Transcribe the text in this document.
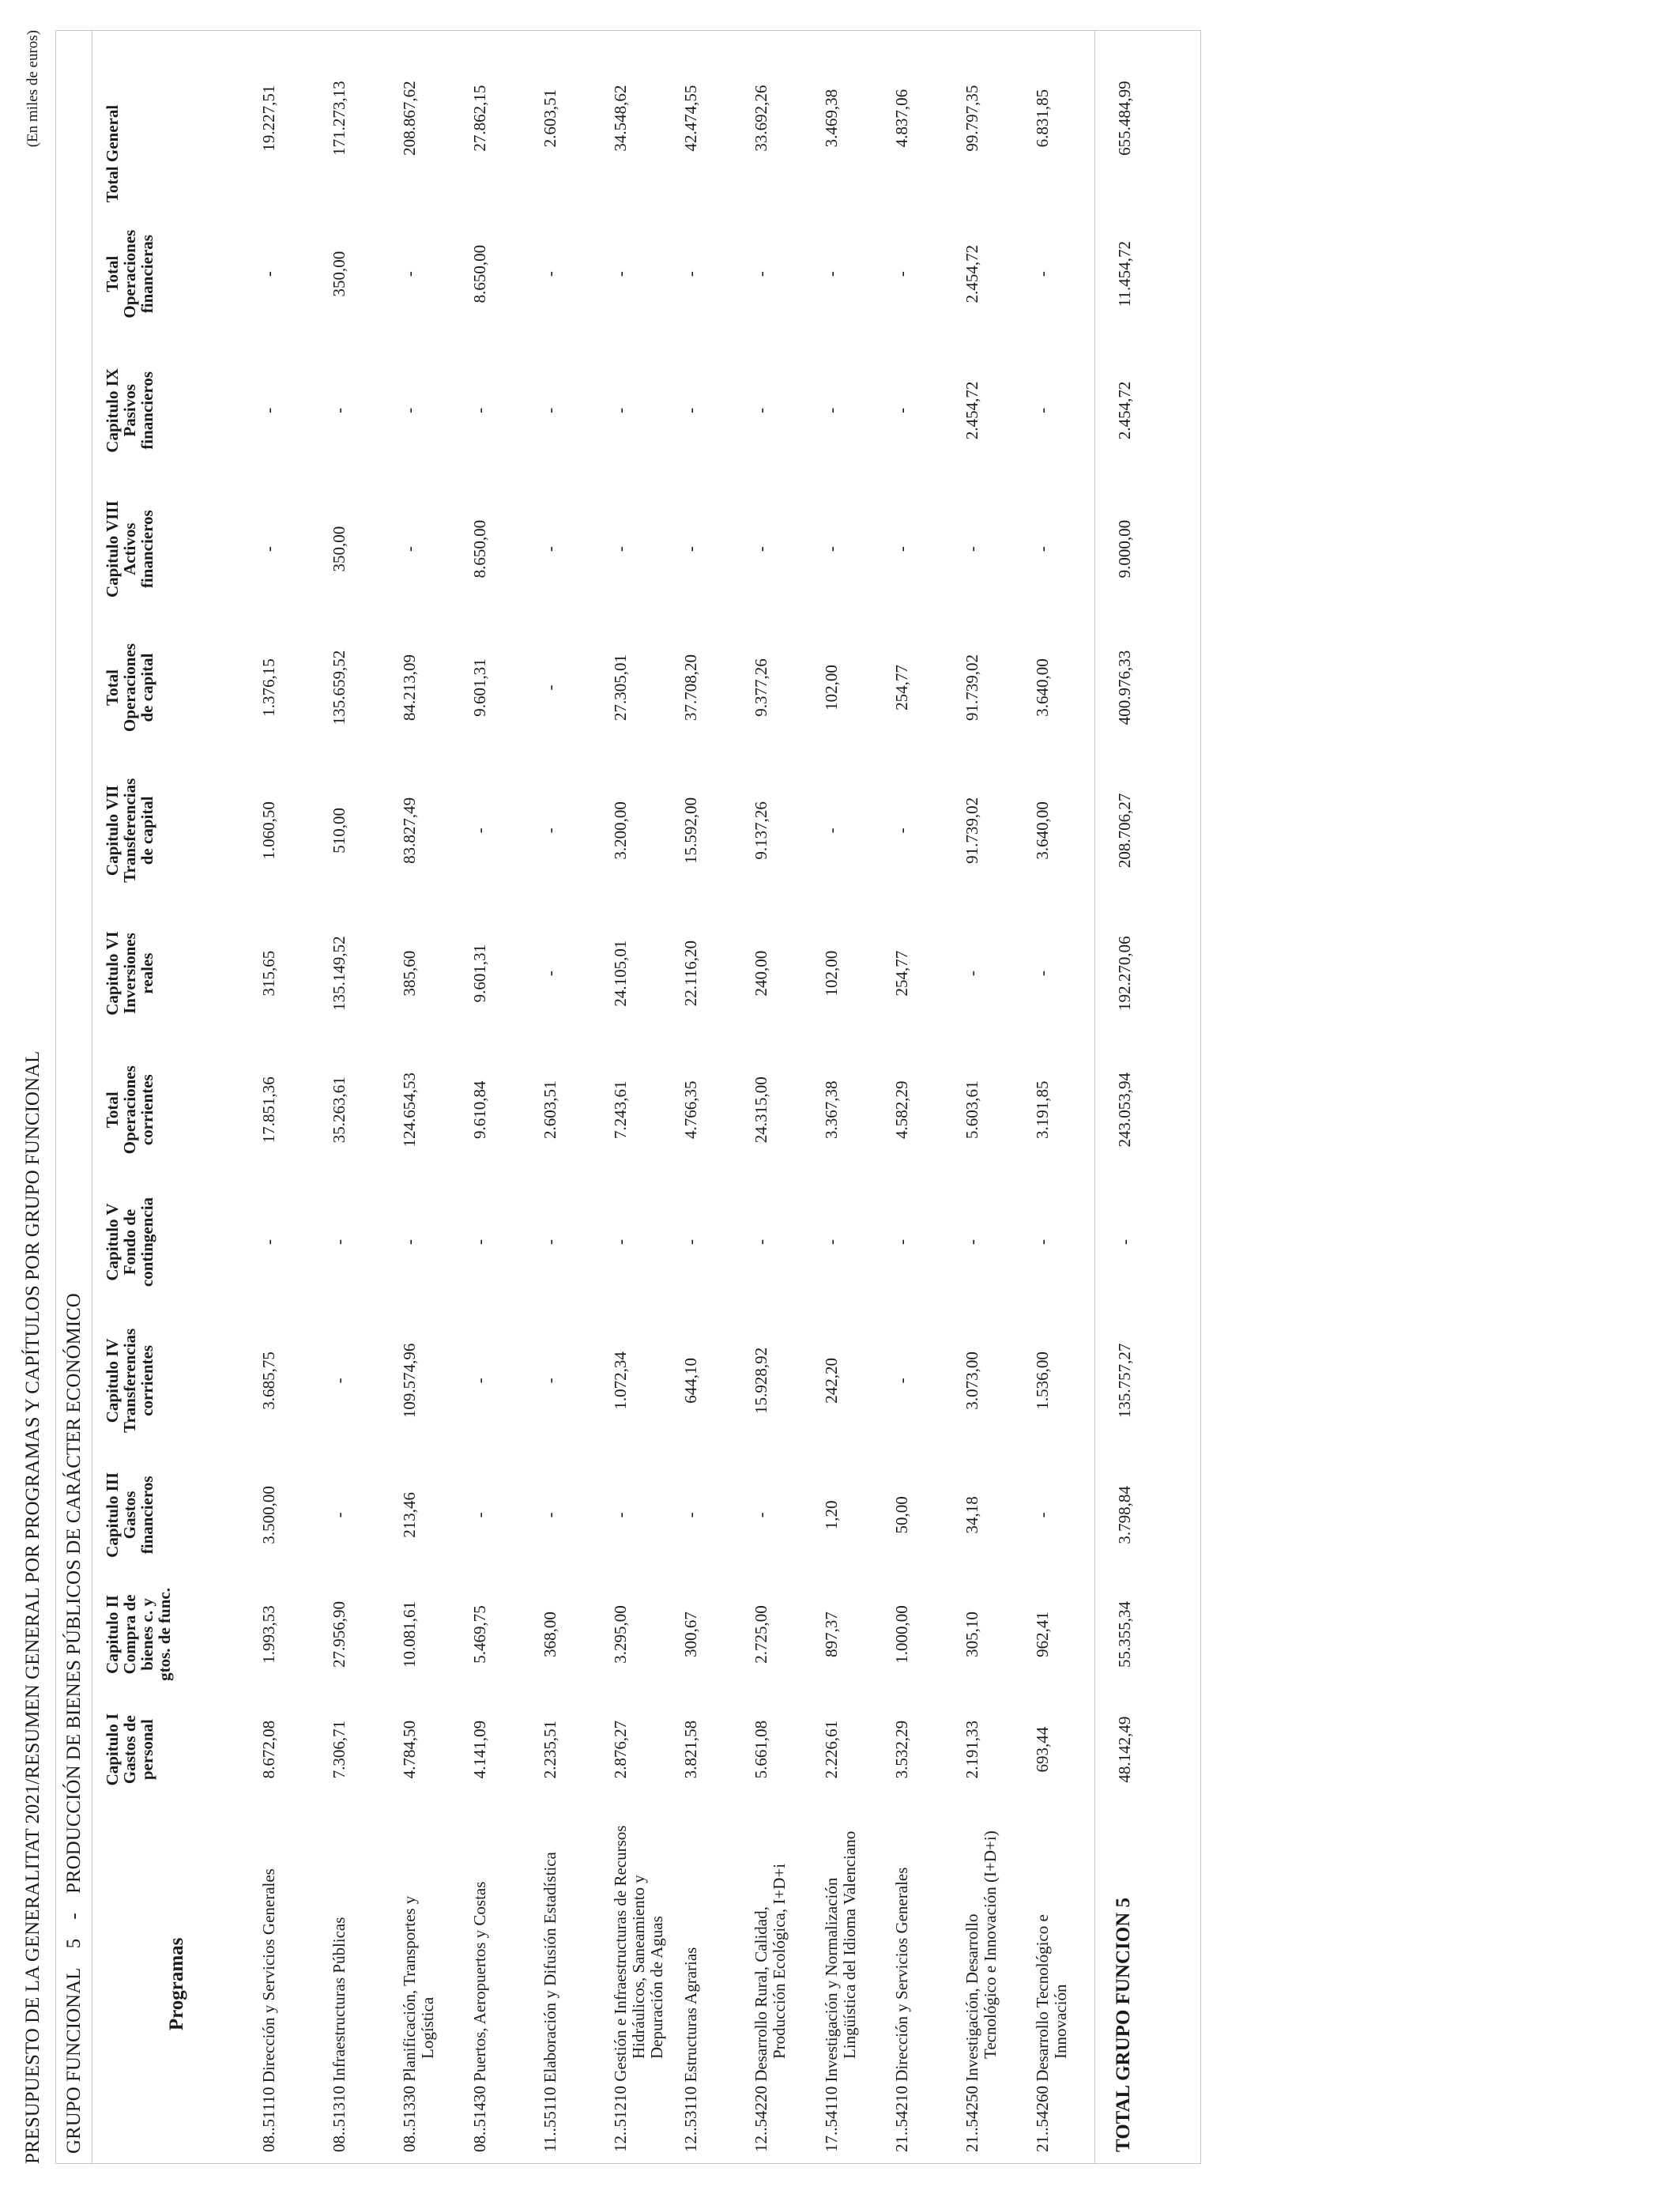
PRESUPUESTO DE LA GENERALITAT 2021/RESUMEN GENERAL POR PROGRAMAS Y CAPÍTULOS POR GRUPO FUNCIONAL
(En miles de euros)
GRUPO FUNCIONAL 5 - PRODUCCIÓN DE BIENES PÚBLICOS DE CARÁCTER ECONÓMICO
Programas	Capitulo I
Gastos de
personal	Capitulo II
Compra de
bienes c. y
gtos. de func.	Capitulo III
Gastos
financieros	Capitulo IV
Transferencias
corrientes	Capitulo V
Fondo de
contingencia	Total
Operaciones
corrientes	Capitulo VI
Inversiones
reales	Capitulo VII
Transferencias
de capital	Total
Operaciones
de capital	Capitulo VIII
Activos
financieros	Capitulo IX
Pasivos
financieros	Total
Operaciones
financieras	Total General

08..51110 Dirección y Servicios Generales	8.672,08	1.993,53	3.500,00	3.685,75	-	17.851,36	315,65	1.060,50	1.376,15	-	-	-	19.227,51
08..51310 Infraestructuras Públicas	7.306,71	27.956,90	-	-	-	35.263,61	135.149,52	510,00	135.659,52	350,00	-	350,00	171.273,13
08..51330 Planificación, Transportes y Logística	4.784,50	10.081,61	213,46	109.574,96	-	124.654,53	385,60	83.827,49	84.213,09	-	-	-	208.867,62
08..51430 Puertos, Aeropuertos y Costas	4.141,09	5.469,75	-	-	-	9.610,84	9.601,31	-	9.601,31	8.650,00	-	8.650,00	27.862,15
11..55110 Elaboración y Difusión Estadística	2.235,51	368,00	-	-	-	2.603,51	-	-	-	-	-	-	2.603,51
12..51210 Gestión e Infraestructuras de Recursos Hidráulicos, Saneamiento y Depuración de Aguas	2.876,27	3.295,00	-	1.072,34	-	7.243,61	24.105,01	3.200,00	27.305,01	-	-	-	34.548,62
12..53110 Estructuras Agrarias	3.821,58	300,67	-	644,10	-	4.766,35	22.116,20	15.592,00	37.708,20	-	-	-	42.474,55
12..54220 Desarrollo Rural, Calidad, Producción Ecológica, I+D+i	5.661,08	2.725,00	-	15.928,92	-	24.315,00	240,00	9.137,26	9.377,26	-	-	-	33.692,26
17..54110 Investigación y Normalización Lingüística del Idioma Valenciano	2.226,61	897,37	1,20	242,20	-	3.367,38	102,00	-	102,00	-	-	-	3.469,38
21..54210 Dirección y Servicios Generales	3.532,29	1.000,00	50,00	-	-	4.582,29	254,77	-	254,77	-	-	-	4.837,06
21..54250 Investigación, Desarrollo Tecnológico e Innovación (I+D+i)	2.191,33	305,10	34,18	3.073,00	-	5.603,61	-	91.739,02	91.739,02	-	2.454,72	2.454,72	99.797,35
21..54260 Desarrollo Tecnológico e Innovación	693,44	962,41	-	1.536,00	-	3.191,85	-	3.640,00	3.640,00	-	-	-	6.831,85
TOTAL GRUPO FUNCION 5	48.142,49	55.355,34	3.798,84	135.757,27	-	243.053,94	192.270,06	208.706,27	400.976,33	9.000,00	2.454,72	11.454,72	655.484,99
